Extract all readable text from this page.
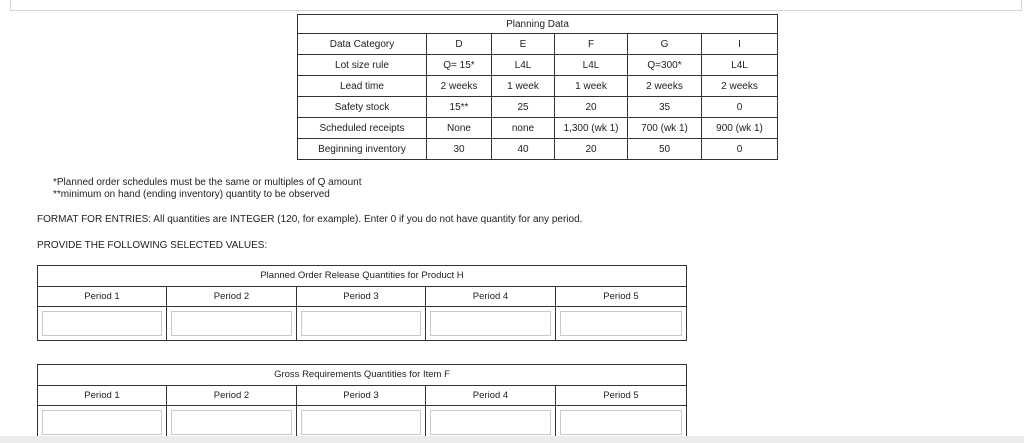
Planning Data					
Data Category	D	E	F	G	I
Lot size rule	Q= 15*	L4L	L4L	Q=300*	L4L
Lead time	2 weeks	1 week	1 week	2 weeks	2 weeks
Safety stock	15**	25	20	35	0
Scheduled receipts	None	none	1,300 (wk 1)	700 (wk 1)	900 (wk 1)
Beginning inventory	30	40	20	50	0
*Planned order schedules must be the same or multiples of Q amount
**minimum on hand (ending inventory) quantity to be observed
FORMAT FOR ENTRIES: All quantities are INTEGER (120, for example). Enter 0 if you do not have quantity for any period.
PROVIDE THE FOLLOWING SELECTED VALUES:
Planned Order Release Quantities for Product H
Period 1	Period 2	Period 3	Period 4	Period 5
Gross Requirements Quantities for Item F
Period 1	Period 2	Period 3	Period 4	Period 5
